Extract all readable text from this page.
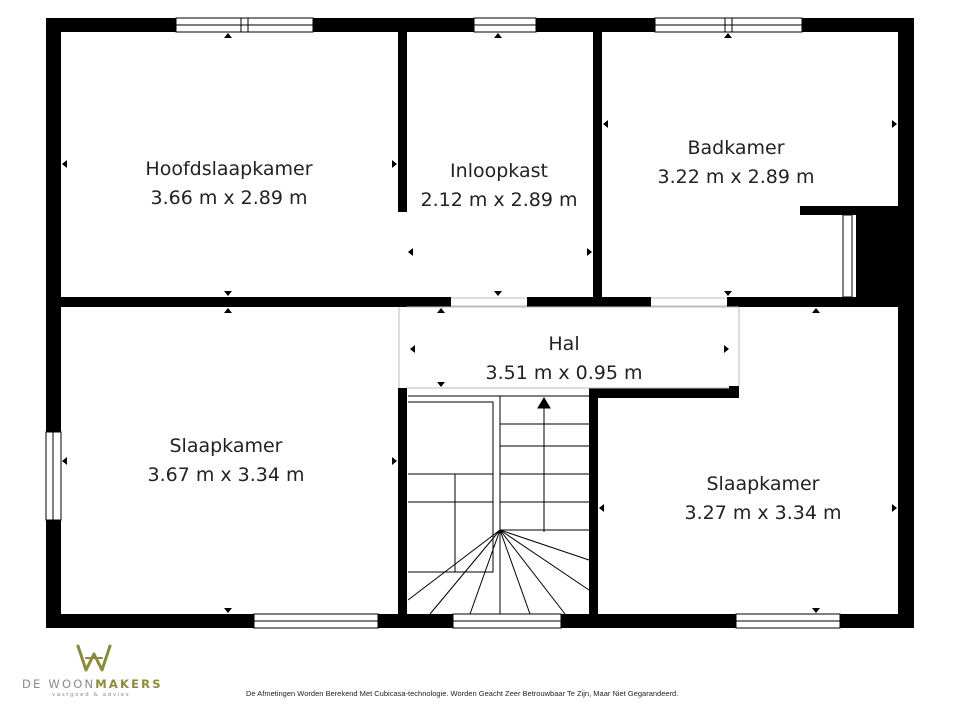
Hoofdslaapkamer
3.66 m x 2.89 m
Inloopkast
2.12 m x 2.89 m
Badkamer
3.22 m x 2.89 m
Hal
3.51 m x 0.95 m
Slaapkamer
3.67 m x 3.34 m	Slaapkamer
3.27 m x 3.34 m
DE WOONMAKERS
vastgoed & advies	De Afmetingen Worden Berekend Met Cubicasa-technologie. Worden Geacht Zeer Betrouwbaar Te Zijn, Maar Niet Gegarandeerd.
